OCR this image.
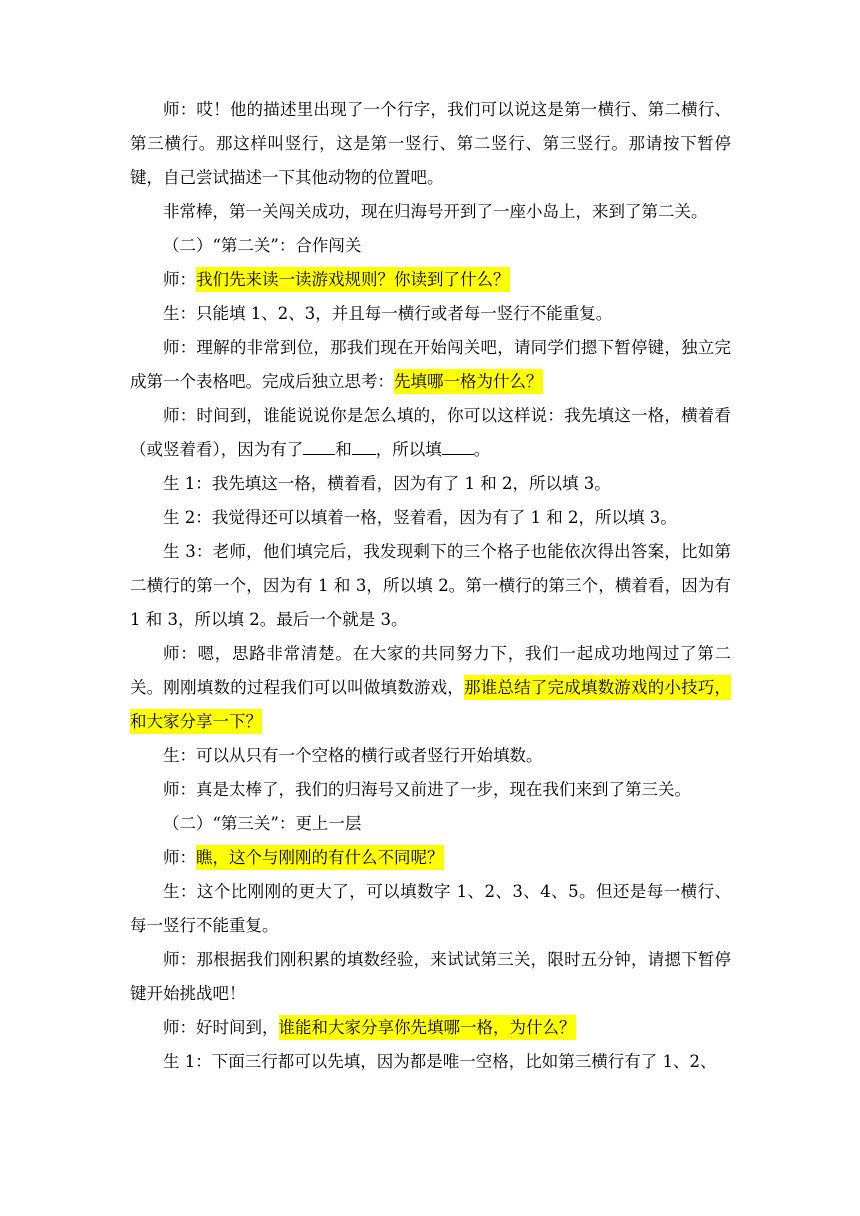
师：哎！他的描述里出现了一个行字，我们可以说这是第一横行、第二横行、第三横行。那这样叫竖行，这是第一竖行、第二竖行、第三竖行。那请按下暂停键，自己尝试描述一下其他动物的位置吧。

非常棒，第一关闯关成功，现在归海号开到了一座小岛上，来到了第二关。

（二）“第二关”：合作闯关

师：我们先来读一读游戏规则？你读到了什么？

生：只能填 1、2、3，并且每一横行或者每一竖行不能重复。

师：理解的非常到位，那我们现在开始闯关吧，请同学们摁下暂停键，独立完成第一个表格吧。完成后独立思考：先填哪一格为什么？

师：时间到，谁能说说你是怎么填的，你可以这样说：我先填这一格，横着看（或竖着看），因为有了 和 ，所以填 。

生 1：我先填这一格，横着看，因为有了 1 和 2，所以填 3。

生 2：我觉得还可以填着一格，竖着看，因为有了 1 和 2，所以填 3。

生 3：老师，他们填完后，我发现剩下的三个格子也能依次得出答案，比如第二横行的第一个，因为有 1 和 3，所以填 2。第一横行的第三个，横着看，因为有 1 和 3，所以填 2。最后一个就是 3。

师：嗯，思路非常清楚。在大家的共同努力下，我们一起成功地闯过了第二关。刚刚填数的过程我们可以叫做填数游戏，那谁总结了完成填数游戏的小技巧，和大家分享一下？

生：可以从只有一个空格的横行或者竖行开始填数。

师：真是太棒了，我们的归海号又前进了一步，现在我们来到了第三关。

（二）“第三关”：更上一层

师：瞧，这个与刚刚的有什么不同呢？

生：这个比刚刚的更大了，可以填数字 1、2、3、4、5。但还是每一横行、每一竖行不能重复。

师：那根据我们刚积累的填数经验，来试试第三关，限时五分钟，请摁下暂停键开始挑战吧！

师：好时间到，谁能和大家分享你先填哪一格，为什么？

生 1：下面三行都可以先填，因为都是唯一空格，比如第三横行有了 1、2、
